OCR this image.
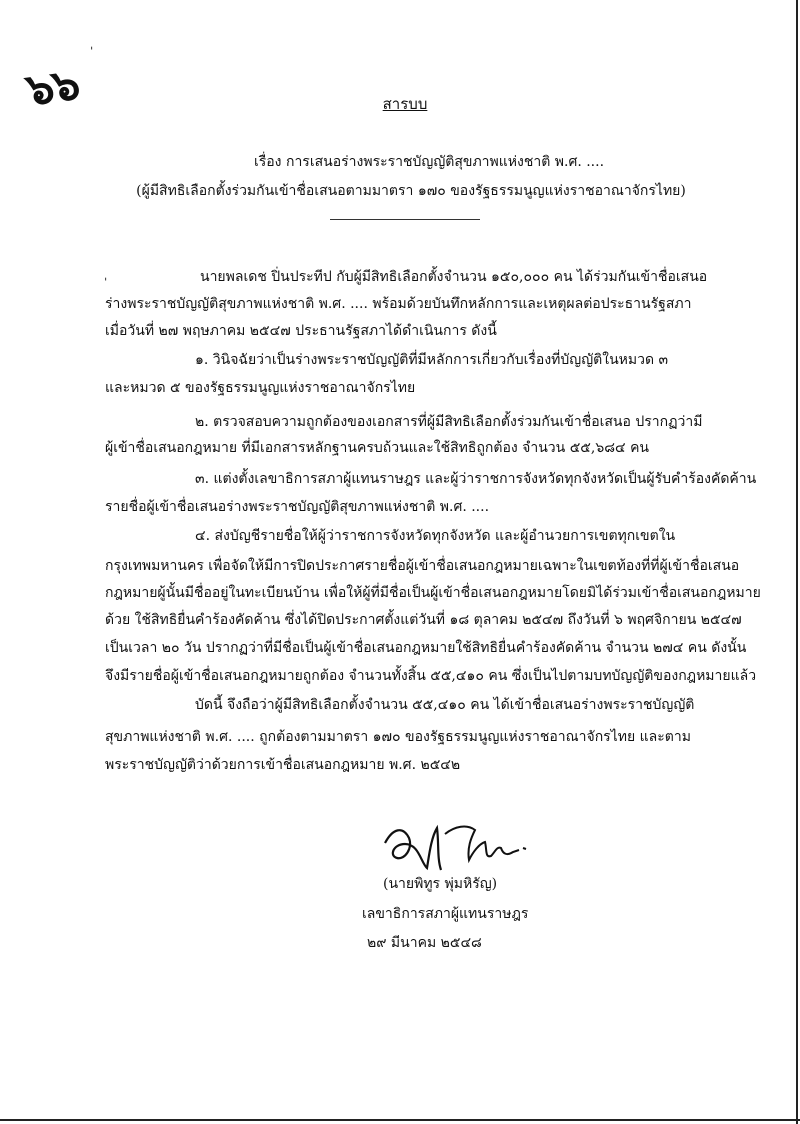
๖๖
ˈ
ˌ
สารบบ
เรื่อง การเสนอร่างพระราชบัญญัติสุขภาพแห่งชาติ พ.ศ. ....
(ผู้มีสิทธิเลือกตั้งร่วมกันเข้าชื่อเสนอตามมาตรา ๑๗๐ ของรัฐธรรมนูญแห่งราชอาณาจักรไทย)
นายพลเดช ปิ่นประทีป กับผู้มีสิทธิเลือกตั้งจำนวน ๑๕๐,๐๐๐ คน ได้ร่วมกันเข้าชื่อเสนอ
ร่างพระราชบัญญัติสุขภาพแห่งชาติ พ.ศ. .... พร้อมด้วยบันทึกหลักการและเหตุผลต่อประธานรัฐสภา
เมื่อวันที่ ๒๗ พฤษภาคม ๒๕๔๗ ประธานรัฐสภาได้ดำเนินการ ดังนี้
๑. วินิจฉัยว่าเป็นร่างพระราชบัญญัติที่มีหลักการเกี่ยวกับเรื่องที่บัญญัติในหมวด ๓
และหมวด ๕ ของรัฐธรรมนูญแห่งราชอาณาจักรไทย
๒. ตรวจสอบความถูกต้องของเอกสารที่ผู้มีสิทธิเลือกตั้งร่วมกันเข้าชื่อเสนอ ปรากฏว่ามี
ผู้เข้าชื่อเสนอกฎหมาย ที่มีเอกสารหลักฐานครบถ้วนและใช้สิทธิถูกต้อง จำนวน ๕๕,๖๘๔ คน
๓. แต่งตั้งเลขาธิการสภาผู้แทนราษฎร และผู้ว่าราชการจังหวัดทุกจังหวัดเป็นผู้รับคำร้องคัดค้าน
รายชื่อผู้เข้าชื่อเสนอร่างพระราชบัญญัติสุขภาพแห่งชาติ พ.ศ. ....
๔. ส่งบัญชีรายชื่อให้ผู้ว่าราชการจังหวัดทุกจังหวัด และผู้อำนวยการเขตทุกเขตใน
กรุงเทพมหานคร เพื่อจัดให้มีการปิดประกาศรายชื่อผู้เข้าชื่อเสนอกฎหมายเฉพาะในเขตท้องที่ที่ผู้เข้าชื่อเสนอ
กฎหมายผู้นั้นมีชื่ออยู่ในทะเบียนบ้าน เพื่อให้ผู้ที่มีชื่อเป็นผู้เข้าชื่อเสนอกฎหมายโดยมิได้ร่วมเข้าชื่อเสนอกฎหมาย
ด้วย ใช้สิทธิยื่นคำร้องคัดค้าน ซึ่งได้ปิดประกาศตั้งแต่วันที่ ๑๘ ตุลาคม ๒๕๔๗ ถึงวันที่ ๖ พฤศจิกายน ๒๕๔๗
เป็นเวลา ๒๐ วัน ปรากฏว่าที่มีชื่อเป็นผู้เข้าชื่อเสนอกฎหมายใช้สิทธิยื่นคำร้องคัดค้าน จำนวน ๒๗๔ คน ดังนั้น
จึงมีรายชื่อผู้เข้าชื่อเสนอกฎหมายถูกต้อง จำนวนทั้งสิ้น ๕๕,๔๑๐ คน ซึ่งเป็นไปตามบทบัญญัติของกฎหมายแล้ว
บัดนี้ จึงถือว่าผู้มีสิทธิเลือกตั้งจำนวน ๕๕,๔๑๐ คน ได้เข้าชื่อเสนอร่างพระราชบัญญัติ
สุขภาพแห่งชาติ พ.ศ. .... ถูกต้องตามมาตรา ๑๗๐ ของรัฐธรรมนูญแห่งราชอาณาจักรไทย และตาม
พระราชบัญญัติว่าด้วยการเข้าชื่อเสนอกฎหมาย พ.ศ. ๒๕๔๒
(นายพิทูร พุ่มหิรัญ)
เลขาธิการสภาผู้แทนราษฎร
๒๙ มีนาคม ๒๕๔๘
